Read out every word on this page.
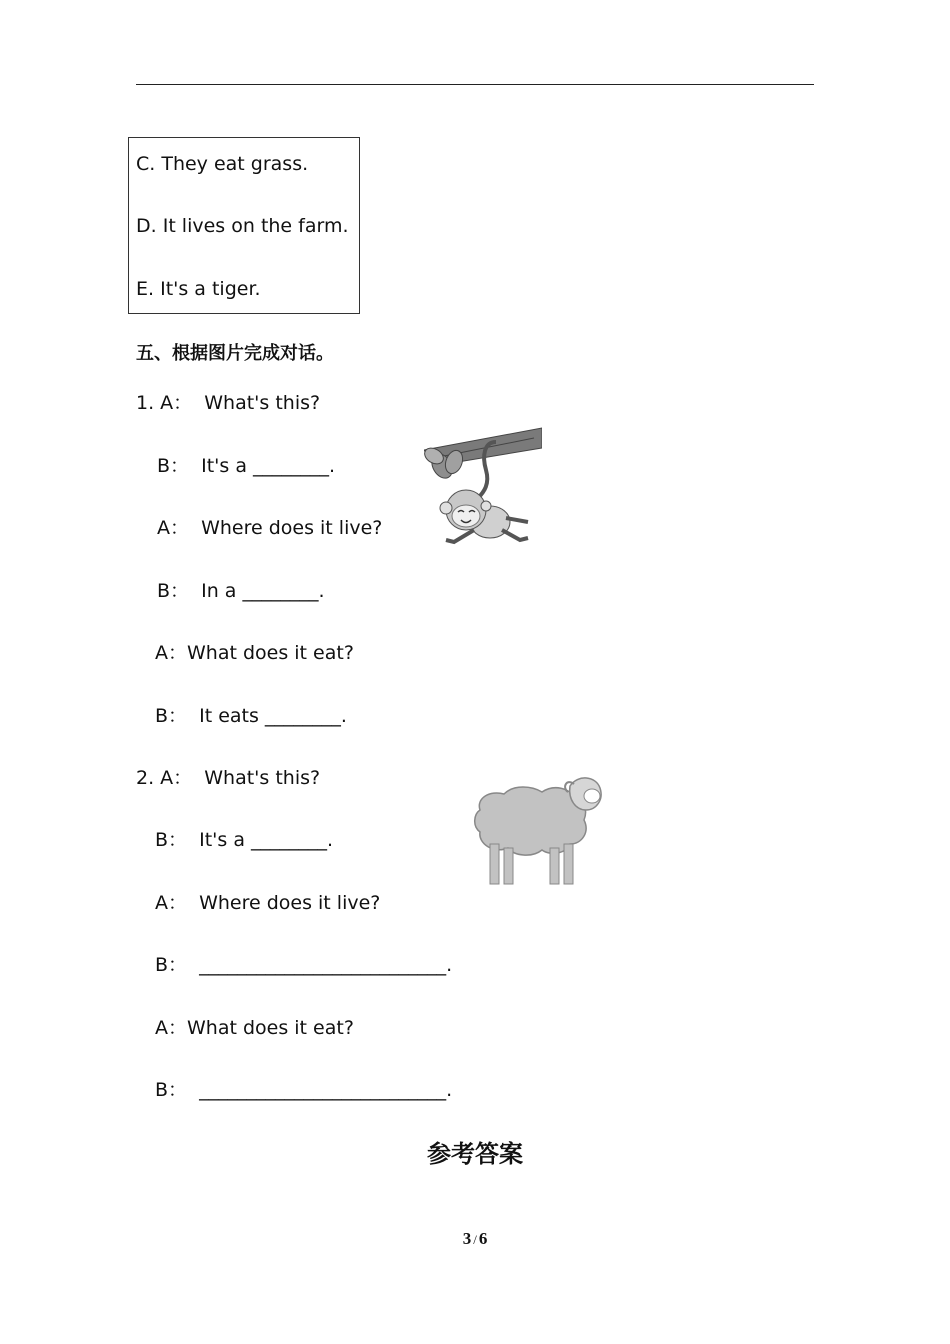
C. They eat grass.
D. It lives on the farm.
E. It's a tiger.
五、根据图片完成对话。
1. A：  What's this?
B：  It's a ________.
A：  Where does it live?
B：  In a ________.
A：What does it eat?
B：  It eats ________.
2. A：  What's this?
B：  It's a ________.
A：  Where does it live?
B：  __________________________.
A：What does it eat?
B：  __________________________.
参考答案
3 / 6
